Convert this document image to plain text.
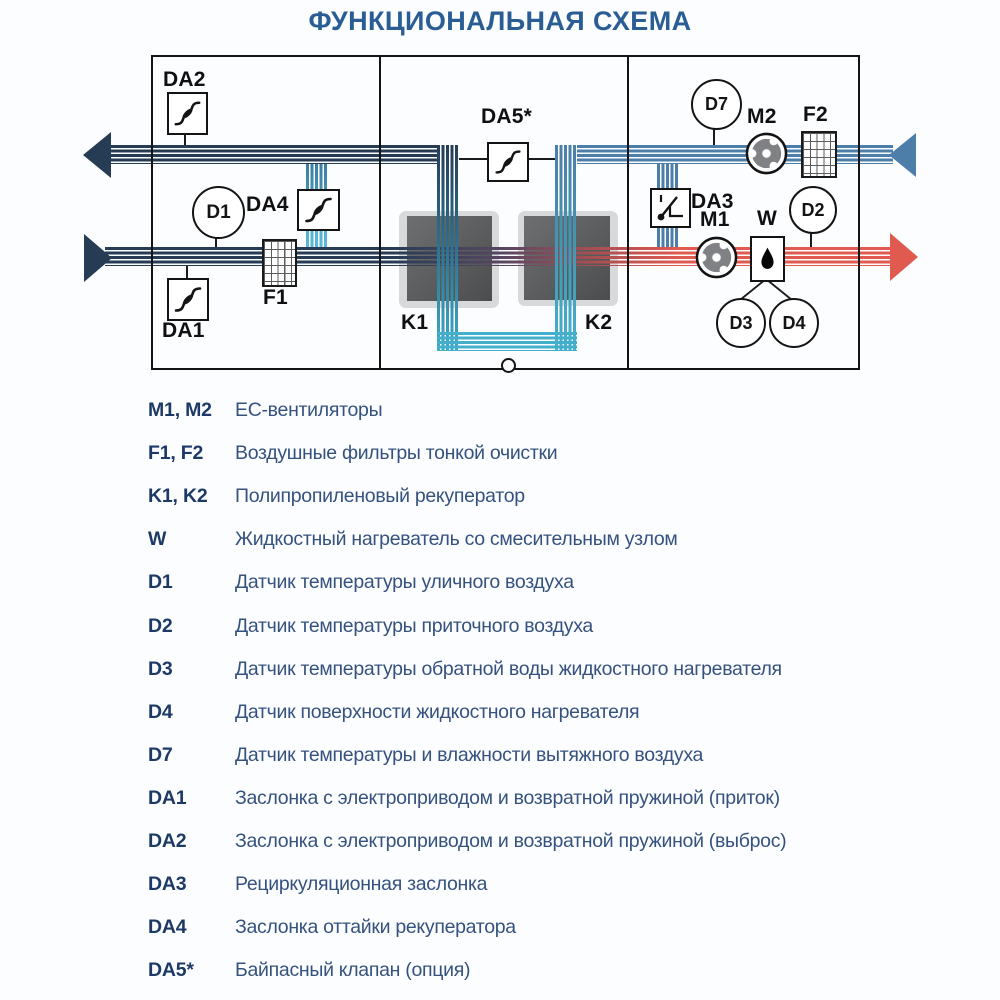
ФУНКЦИОНАЛЬНАЯ СХЕМА
D1
D7
D2
D3 D4
DA2
DA4
F1
DA1	K1	K2
DA5*	M2 F2
DA3
M1 W
M1, M2	ЕС-вентиляторы
F1, F2	Воздушные фильтры тонкой очистки
K1, K2	Полипропиленовый рекуператор
W	Жидкостный нагреватель со смесительным узлом
D1	Датчик температуры уличного воздуха
D2	Датчик температуры приточного воздуха
D3	Датчик температуры обратной воды жидкостного нагревателя
D4	Датчик поверхности жидкостного нагревателя
D7	Датчик температуры и влажности вытяжного воздуха
DA1	Заслонка с электроприводом и возвратной пружиной (приток)
DA2	Заслонка с электроприводом и возвратной пружиной (выброс)
DA3	Рециркуляционная заслонка
DA4	Заслонка оттайки рекуператора
DA5*	Байпасный клапан (опция)
